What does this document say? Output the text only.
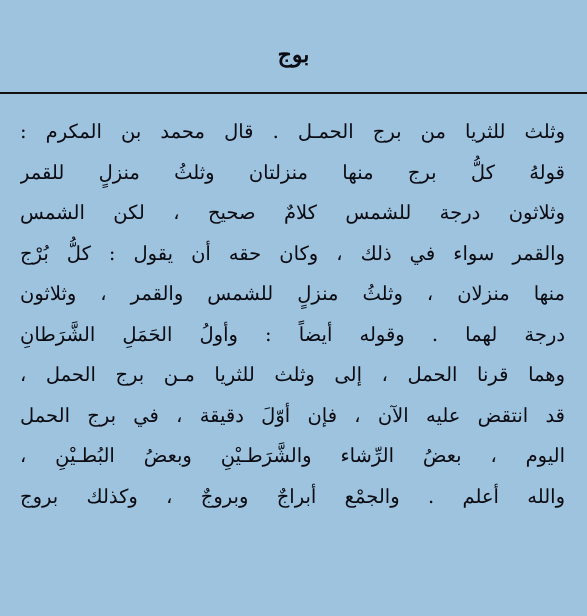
بوج
وثلث للثريا من برج الحمـل . قال محمد بن المكرم :
قولهُ كلُّ برج منها منزلتان وثلثُ منزلٍ للقمر
وثلاثون درجة للشمس كلامٌ صحيح ، لكن الشمس
والقمر سواء في ذلك ، وكان حقه أن يقول : كلُّ بُرْج
منها منزلان ، وثلثُ منزلٍ للشمس والقمر ، وثلاثون
درجة لهما . وقوله أيضاً : وأولُ الحَمَلِ الشَّرَطانِ
وهما قرنا الحمل ، إلى وثلث للثريا مـن برج الحمل ،
قد انتقض عليه الآن ، فإن أوّلَ دقيقة ، في برج الحمل
اليوم ، بعضُ الرِّشاء والشَّرَطـيْنِ وبعضُ البُطـيْنِ ،
والله أعلم . والجمْع أبراجٌ وبروجٌ ، وكذلك بروج
